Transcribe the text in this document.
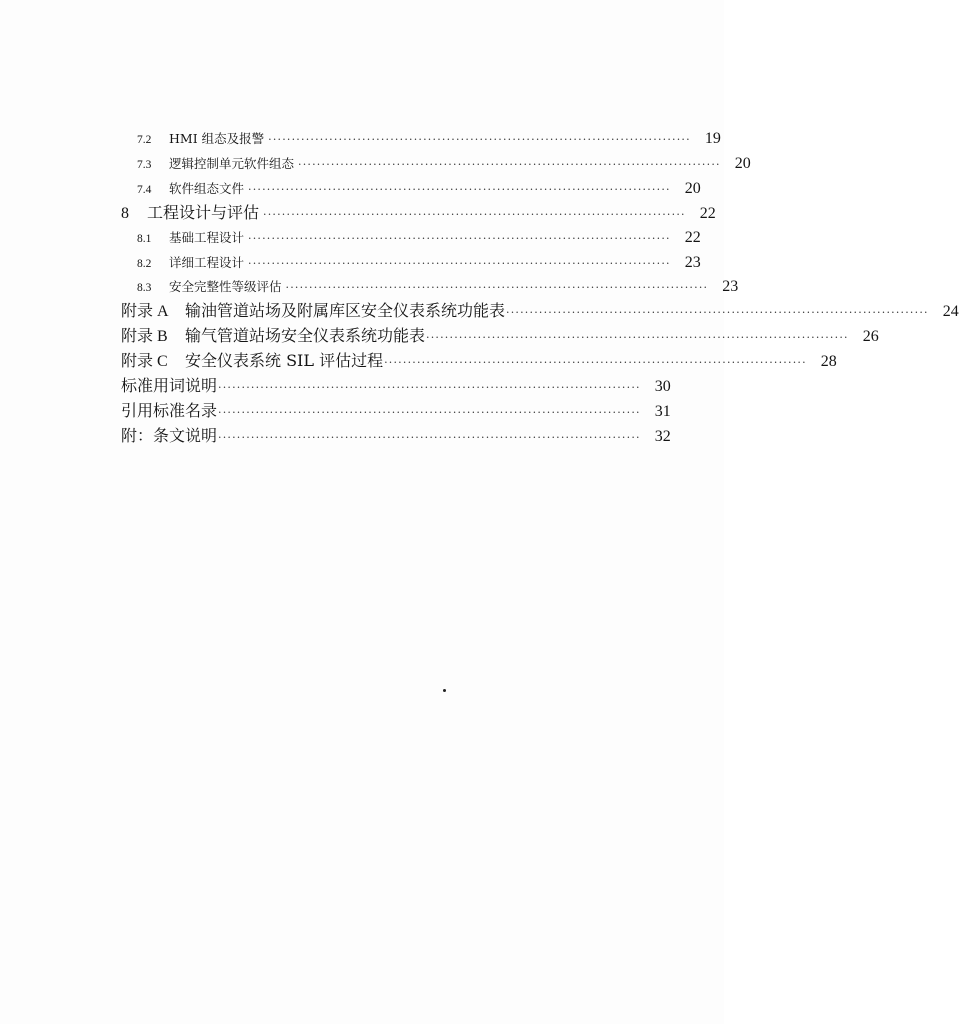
7.2	HMI 组态及报警 ·························································································· 19
7.3	逻辑控制单元软件组态 ·························································································· 20
7.4	软件组态文件 ·························································································· 20
8	工程设计与评估 ·························································································· 22
8.1	基础工程设计 ·························································································· 22
8.2	详细工程设计 ·························································································· 23
8.3	安全完整性等级评估 ·························································································· 23
附录 A	输油管道站场及附属库区安全仪表系统功能表 ·························································································· 24
附录 B	输气管道站场安全仪表系统功能表 ·························································································· 26
附录 C	安全仪表系统 SIL 评估过程 ·························································································· 28
标准用词说明 ·························································································· 30
引用标准名录 ·························································································· 31
附：条文说明 ·························································································· 32
